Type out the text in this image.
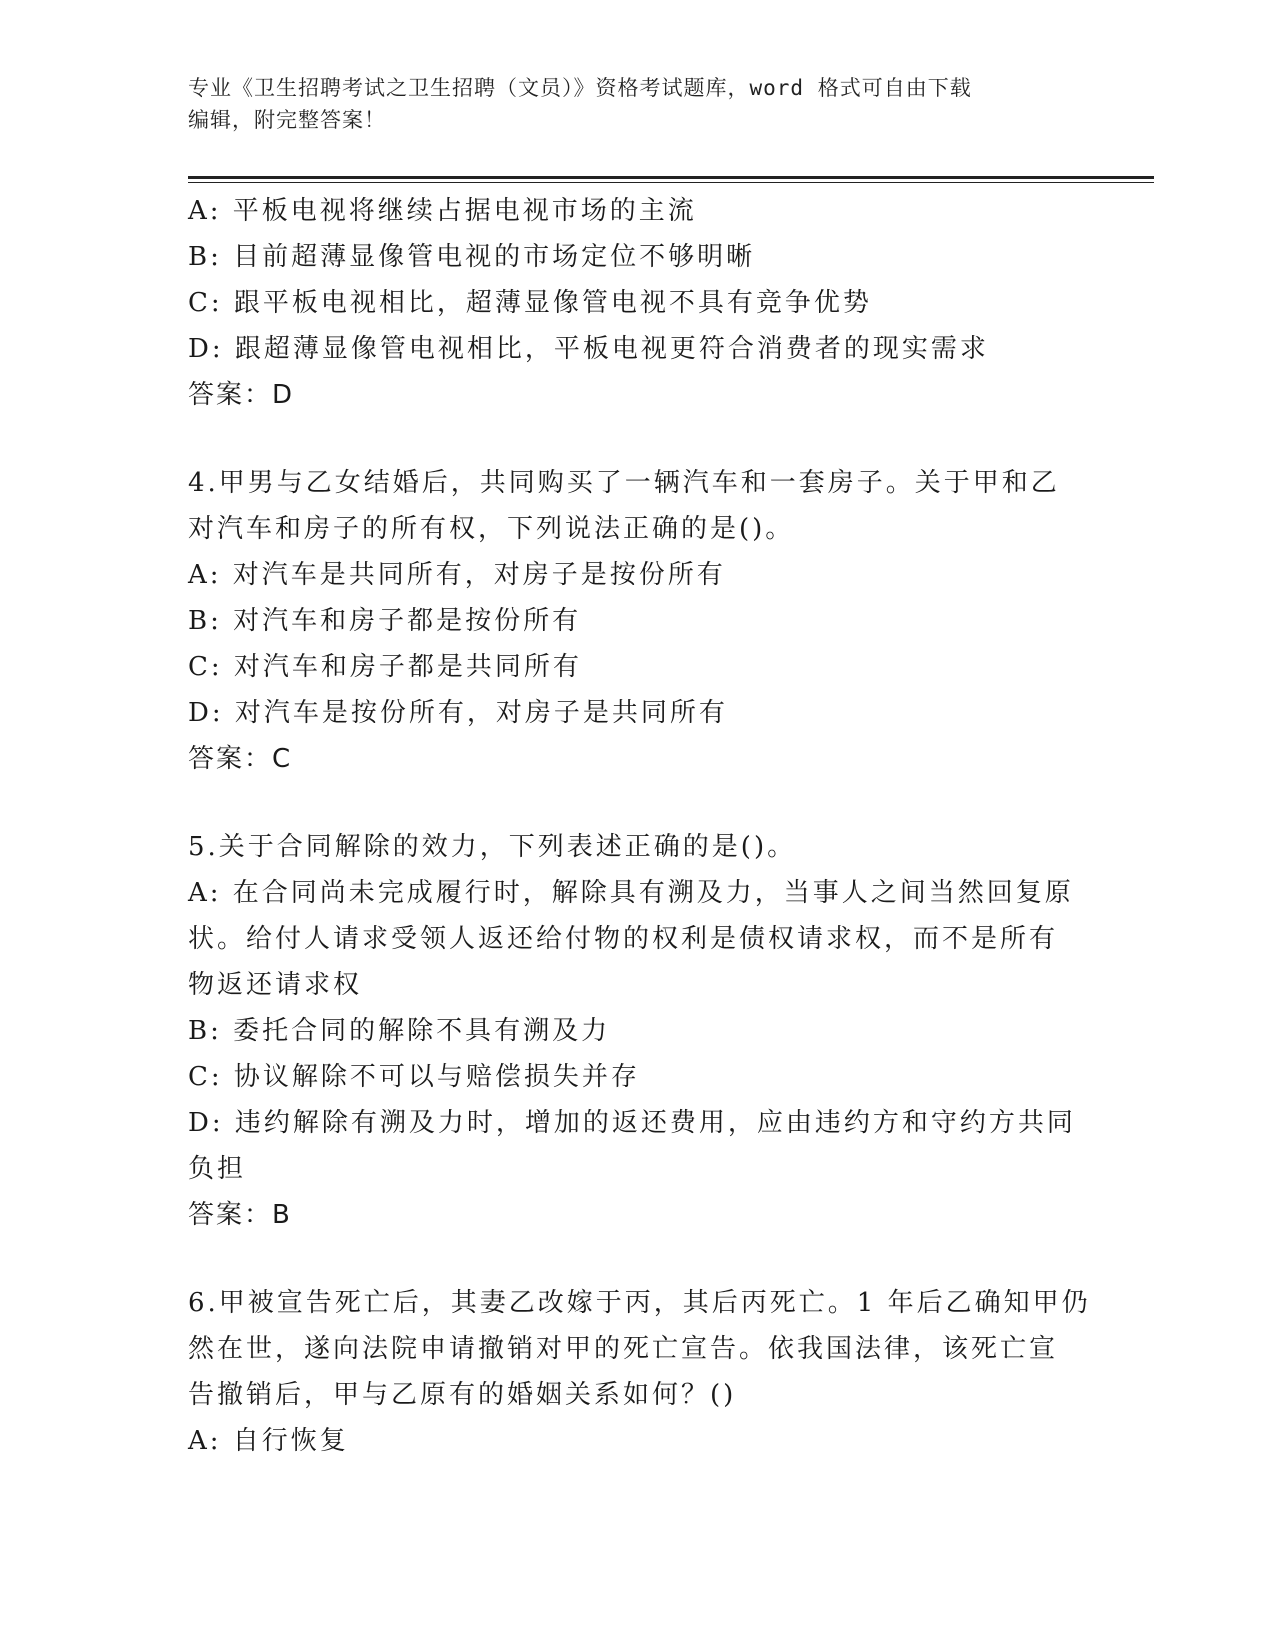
专业《卫生招聘考试之卫生招聘（文员）》资格考试题库，word 格式可自由下载
编辑，附完整答案！
A: 平板电视将继续占据电视市场的主流
B: 目前超薄显像管电视的市场定位不够明晰
C: 跟平板电视相比，超薄显像管电视不具有竞争优势
D: 跟超薄显像管电视相比，平板电视更符合消费者的现实需求
答案：D
4.甲男与乙女结婚后，共同购买了一辆汽车和一套房子。关于甲和乙
对汽车和房子的所有权，下列说法正确的是()。
A: 对汽车是共同所有，对房子是按份所有
B: 对汽车和房子都是按份所有
C: 对汽车和房子都是共同所有
D: 对汽车是按份所有，对房子是共同所有
答案：C
5.关于合同解除的效力，下列表述正确的是()。
A: 在合同尚未完成履行时，解除具有溯及力，当事人之间当然回复原
状。给付人请求受领人返还给付物的权利是债权请求权，而不是所有
物返还请求权
B: 委托合同的解除不具有溯及力
C: 协议解除不可以与赔偿损失并存
D: 违约解除有溯及力时，增加的返还费用，应由违约方和守约方共同
负担
答案：B
6.甲被宣告死亡后，其妻乙改嫁于丙，其后丙死亡。1 年后乙确知甲仍
然在世，遂向法院申请撤销对甲的死亡宣告。依我国法律，该死亡宣
告撤销后，甲与乙原有的婚姻关系如何？()
A: 自行恢复
